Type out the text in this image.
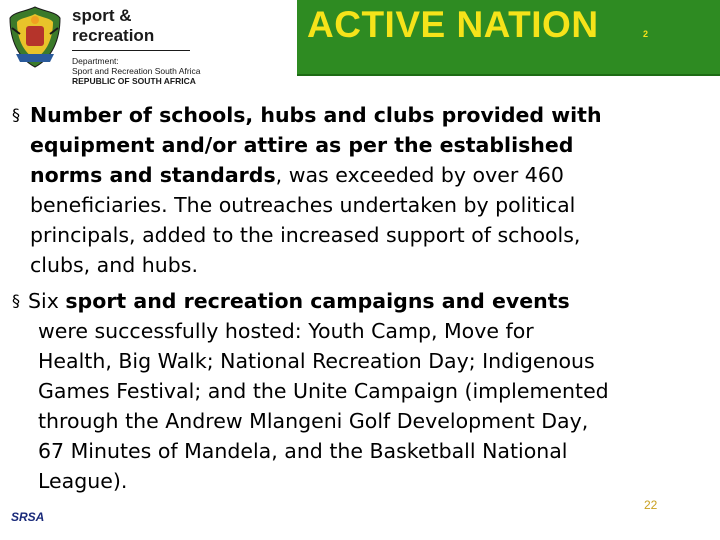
sport & recreation
Department:
Sport and Recreation South Africa
REPUBLIC OF SOUTH AFRICA
ACTIVE NATION	2
§ Number of schools, hubs and clubs provided with
equipment and/or attire as per the established
norms and standards, was exceeded by over 460
beneficiaries. The outreaches undertaken by political
principals, added to the increased support of schools,
clubs, and hubs.

§ Six sport and recreation campaigns and events
were successfully hosted: Youth Camp, Move for
Health, Big Walk; National Recreation Day; Indigenous
Games Festival; and the Unite Campaign (implemented
through the Andrew Mlangeni Golf Development Day,
67 Minutes of Mandela, and the Basketball National
League).

SRSA
22
